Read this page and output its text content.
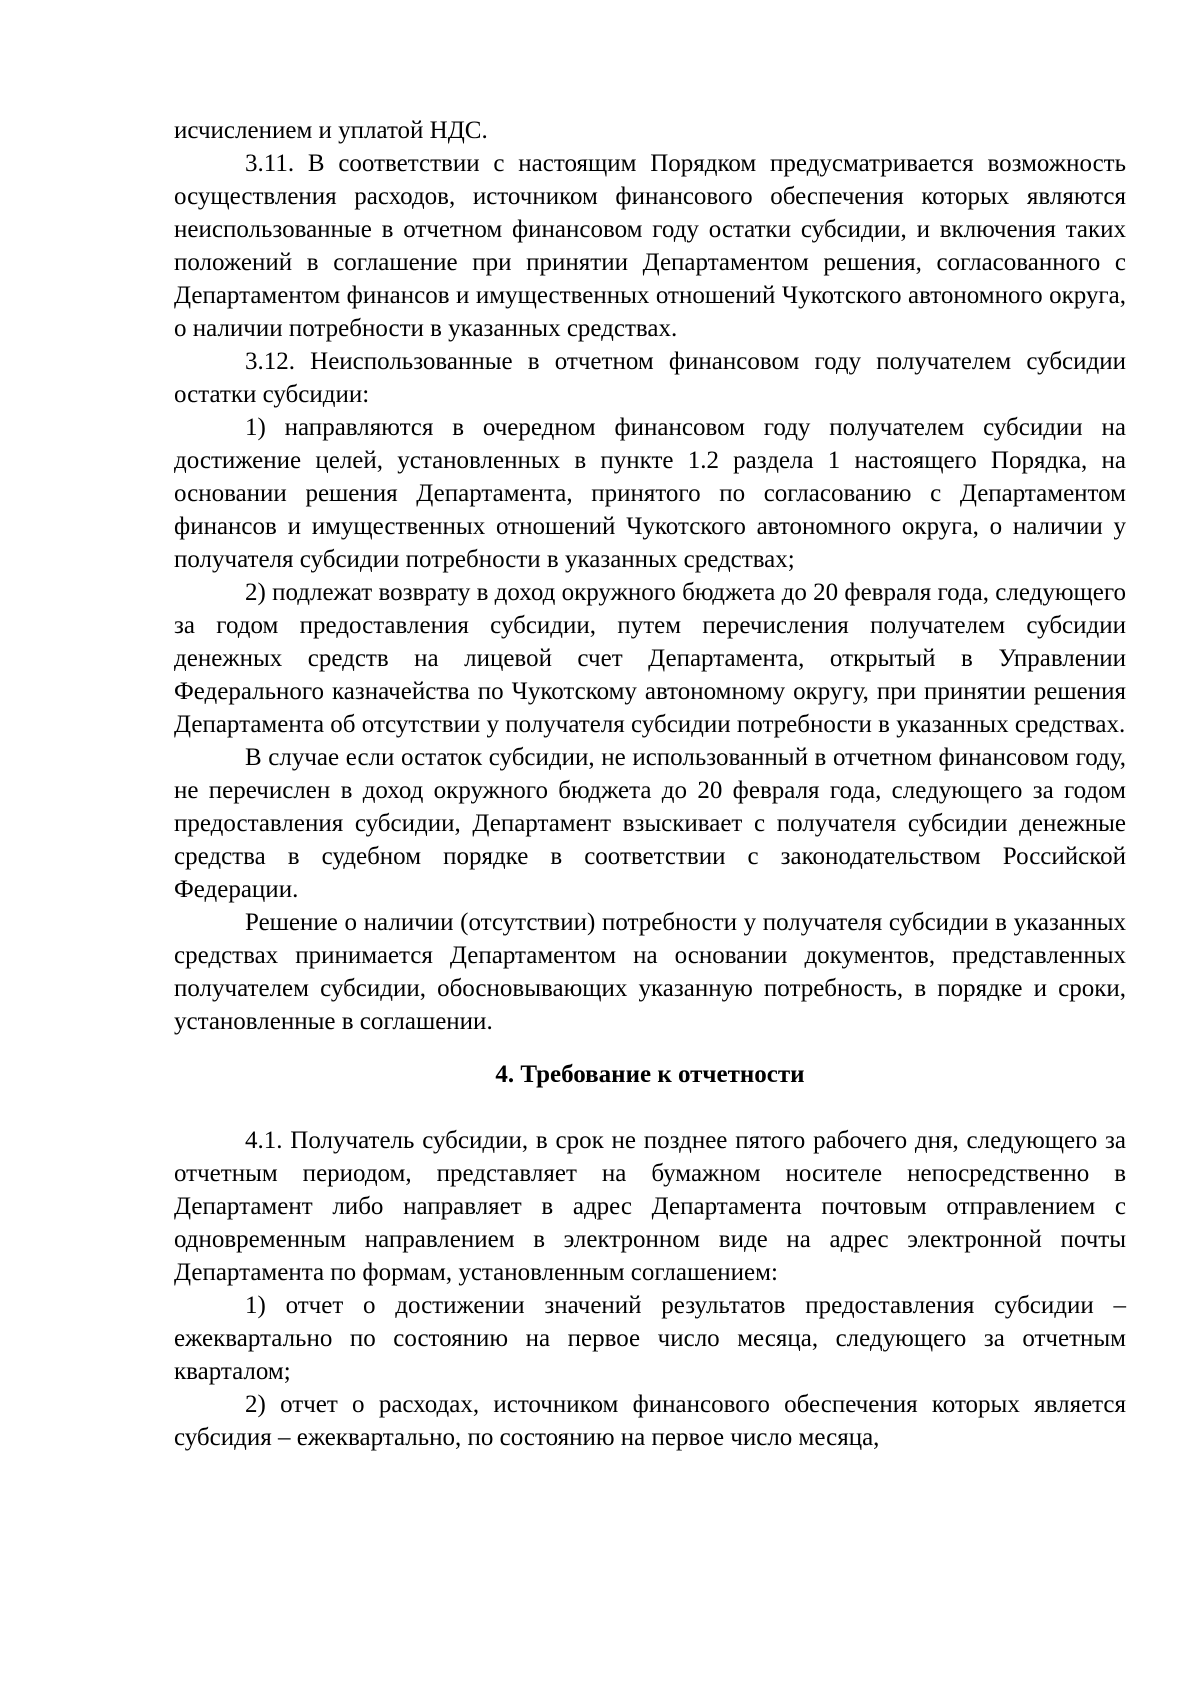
исчислением и уплатой НДС.

3.11. В соответствии с настоящим Порядком предусматривается возможность осуществления расходов, источником финансового обеспечения которых являются неиспользованные в отчетном финансовом году остатки субсидии, и включения таких положений в соглашение при принятии Департаментом решения, согласованного с Департаментом финансов и имущественных отношений Чукотского автономного округа, о наличии потребности в указанных средствах.

3.12. Неиспользованные в отчетном финансовом году получателем субсидии остатки субсидии:

1) направляются в очередном финансовом году получателем субсидии на достижение целей, установленных в пункте 1.2 раздела 1 настоящего Порядка, на основании решения Департамента, принятого по согласованию с Департаментом финансов и имущественных отношений Чукотского автономного округа, о наличии у получателя субсидии потребности в указанных средствах;

2) подлежат возврату в доход окружного бюджета до 20 февраля года, следующего за годом предоставления субсидии, путем перечисления получателем субсидии денежных средств на лицевой счет Департамента, открытый в Управлении Федерального казначейства по Чукотскому автономному округу, при принятии решения Департамента об отсутствии у получателя субсидии потребности в указанных средствах.

В случае если остаток субсидии, не использованный в отчетном финансовом году, не перечислен в доход окружного бюджета до 20 февраля года, следующего за годом предоставления субсидии, Департамент взыскивает с получателя субсидии денежные средства в судебном порядке в соответствии с законодательством Российской Федерации.

Решение о наличии (отсутствии) потребности у получателя субсидии в указанных средствах принимается Департаментом на основании документов, представленных получателем субсидии, обосновывающих указанную потребность, в порядке и сроки, установленные в соглашении.

4. Требование к отчетности

4.1. Получатель субсидии, в срок не позднее пятого рабочего дня, следующего за отчетным периодом, представляет на бумажном носителе непосредственно в Департамент либо направляет в адрес Департамента почтовым отправлением с одновременным направлением в электронном виде на адрес электронной почты Департамента по формам, установленным соглашением:

1) отчет о достижении значений результатов предоставления субсидии – ежеквартально по состоянию на первое число месяца, следующего за отчетным кварталом;

2) отчет о расходах, источником финансового обеспечения которых является субсидия – ежеквартально, по состоянию на первое число месяца,
